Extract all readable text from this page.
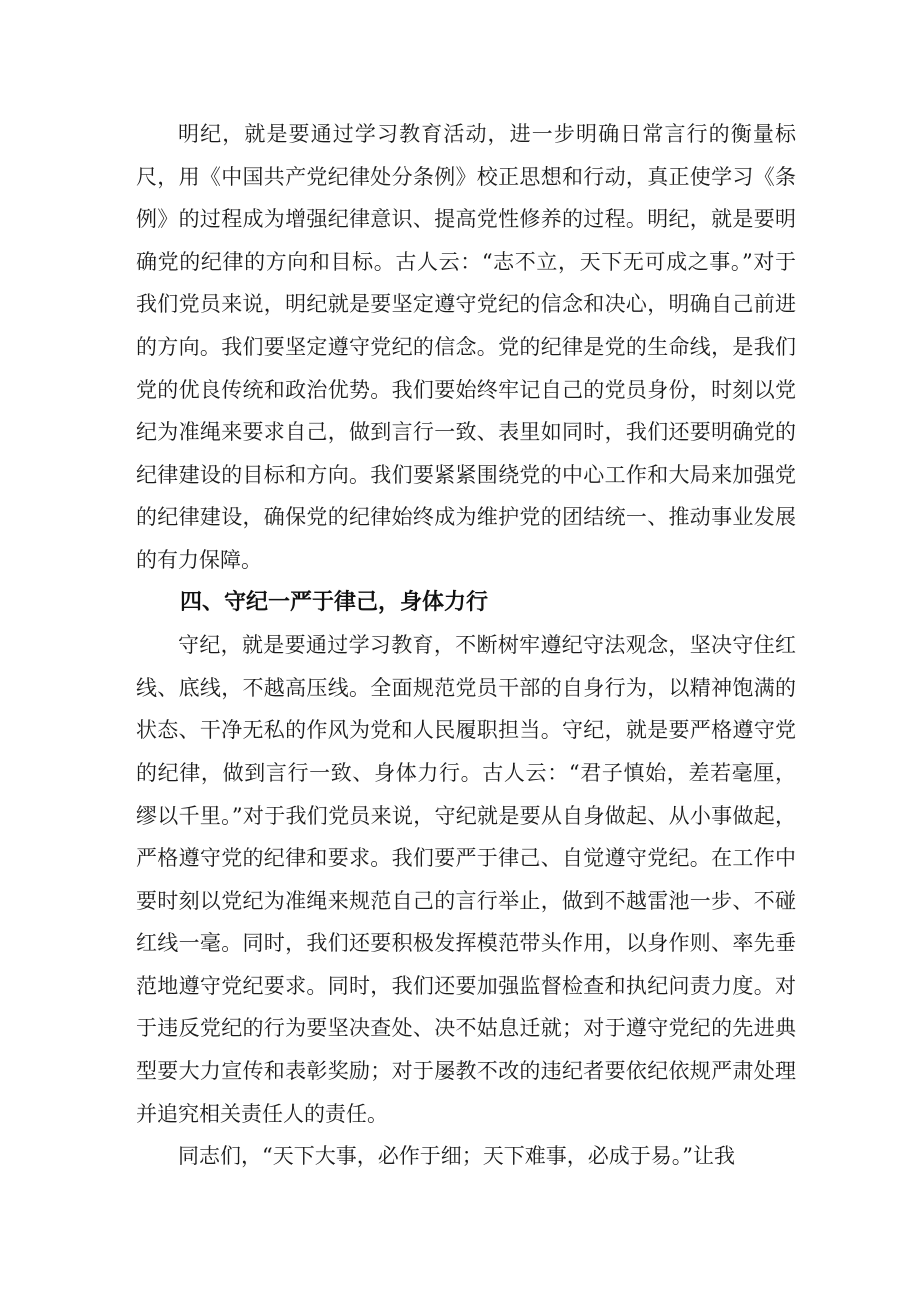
明纪，就是要通过学习教育活动，进一步明确日常言行的衡量标尺，用《中国共产党纪律处分条例》校正思想和行动，真正使学习《条例》的过程成为增强纪律意识、提高党性修养的过程。明纪，就是要明确党的纪律的方向和目标。古人云：“志不立，天下无可成之事。”对于我们党员来说，明纪就是要坚定遵守党纪的信念和决心，明确自己前进的方向。我们要坚定遵守党纪的信念。党的纪律是党的生命线，是我们党的优良传统和政治优势。我们要始终牢记自己的党员身份，时刻以党纪为准绳来要求自己，做到言行一致、表里如同时，我们还要明确党的纪律建设的目标和方向。我们要紧紧围绕党的中心工作和大局来加强党的纪律建设，确保党的纪律始终成为维护党的团结统一、推动事业发展的有力保障。

四、守纪一严于律己，身体力行

守纪，就是要通过学习教育，不断树牢遵纪守法观念，坚决守住红线、底线，不越高压线。全面规范党员干部的自身行为，以精神饱满的状态、干净无私的作风为党和人民履职担当。守纪，就是要严格遵守党的纪律，做到言行一致、身体力行。古人云：“君子慎始，差若毫厘，缪以千里。”对于我们党员来说，守纪就是要从自身做起、从小事做起，严格遵守党的纪律和要求。我们要严于律己、自觉遵守党纪。在工作中要时刻以党纪为准绳来规范自己的言行举止，做到不越雷池一步、不碰红线一毫。同时，我们还要积极发挥模范带头作用，以身作则、率先垂范地遵守党纪要求。同时，我们还要加强监督检查和执纪问责力度。对于违反党纪的行为要坚决查处、决不姑息迁就；对于遵守党纪的先进典型要大力宣传和表彰奖励；对于屡教不改的违纪者要依纪依规严肃处理并追究相关责任人的责任。

同志们，“天下大事，必作于细；天下难事，必成于易。”让我
